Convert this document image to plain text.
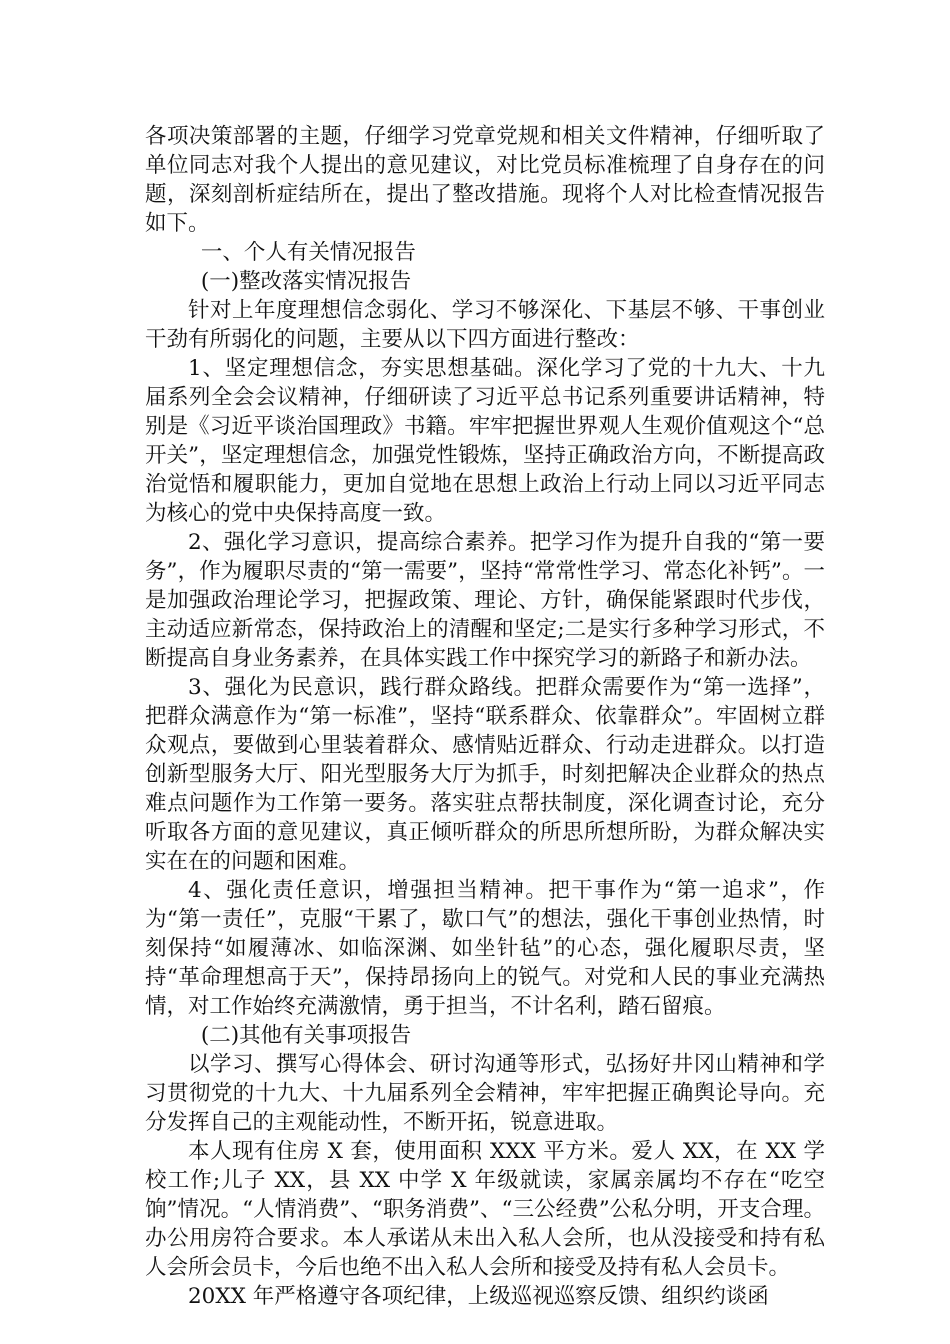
各项决策部署的主题，仔细学习党章党规和相关文件精神，仔细听取了单位同志对我个人提出的意见建议，对比党员标准梳理了自身存在的问题，深刻剖析症结所在，提出了整改措施。现将个人对比检查情况报告如下。

一、个人有关情况报告

(一)整改落实情况报告

针对上年度理想信念弱化、学习不够深化、下基层不够、干事创业干劲有所弱化的问题，主要从以下四方面进行整改：

1、坚定理想信念，夯实思想基础。深化学习了党的十九大、十九届系列全会会议精神，仔细研读了习近平总书记系列重要讲话精神，特别是《习近平谈治国理政》书籍。牢牢把握世界观人生观价值观这个“总开关”，坚定理想信念，加强党性锻炼，坚持正确政治方向，不断提高政治觉悟和履职能力，更加自觉地在思想上政治上行动上同以习近平同志为核心的党中央保持高度一致。

2、强化学习意识，提高综合素养。把学习作为提升自我的“第一要务”，作为履职尽责的“第一需要”，坚持“常常性学习、常态化补钙”。一是加强政治理论学习，把握政策、理论、方针，确保能紧跟时代步伐，主动适应新常态，保持政治上的清醒和坚定;二是实行多种学习形式，不断提高自身业务素养，在具体实践工作中探究学习的新路子和新办法。

3、强化为民意识，践行群众路线。把群众需要作为“第一选择”，把群众满意作为“第一标准”，坚持“联系群众、依靠群众”。牢固树立群众观点，要做到心里装着群众、感情贴近群众、行动走进群众。以打造创新型服务大厅、阳光型服务大厅为抓手，时刻把解决企业群众的热点难点问题作为工作第一要务。落实驻点帮扶制度，深化调查讨论，充分听取各方面的意见建议，真正倾听群众的所思所想所盼，为群众解决实实在在的问题和困难。

4、强化责任意识，增强担当精神。把干事作为“第一追求”，作为“第一责任”，克服“干累了，歇口气”的想法，强化干事创业热情，时刻保持“如履薄冰、如临深渊、如坐针毡”的心态，强化履职尽责，坚持“革命理想高于天”，保持昂扬向上的锐气。对党和人民的事业充满热情，对工作始终充满激情，勇于担当，不计名利，踏石留痕。

(二)其他有关事项报告

以学习、撰写心得体会、研讨沟通等形式，弘扬好井冈山精神和学习贯彻党的十九大、十九届系列全会精神，牢牢把握正确舆论导向。充分发挥自己的主观能动性，不断开拓，锐意进取。

本人现有住房 X 套，使用面积 XXX 平方米。爱人 XX，在 XX 学校工作;儿子 XX，县 XX 中学 X 年级就读，家属亲属均不存在“吃空饷”情况。“人情消费”、“职务消费”、“三公经费”公私分明，开支合理。办公用房符合要求。本人承诺从未出入私人会所，也从没接受和持有私人会所会员卡，今后也绝不出入私人会所和接受及持有私人会员卡。

20XX 年严格遵守各项纪律，上级巡视巡察反馈、组织约谈函
